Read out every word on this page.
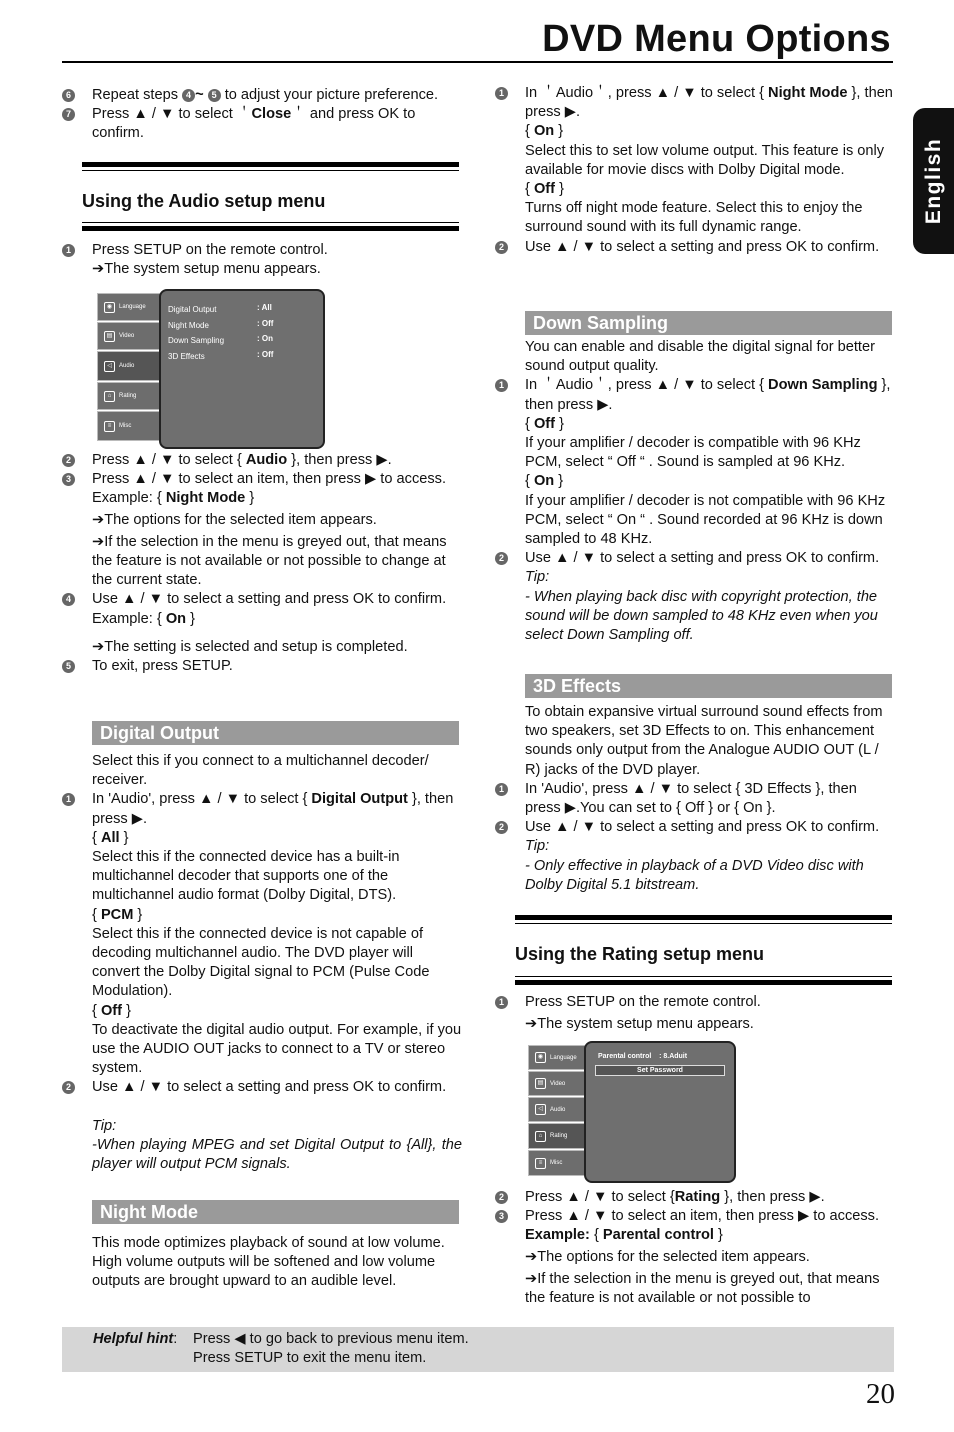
DVD Menu Options
English
6 Repeat steps 4 ~ 5 to adjust your picture preference.
7 Press ▲ / ▼ to select ＇Close＇ and press OK to confirm.
Using the Audio setup menu
1 Press SETUP on the remote control.
➔The system setup menu appears.
◉	Language
▤	Video
◁	Audio
⌂	Rating
≡	Misc
Digital Output
Night Mode
Down Sampling
3D Effects
: All
: Off
: On
: Off
2 Press ▲ / ▼ to select { Audio }, then press ▶.
3 Press ▲ / ▼ to select an item, then press ▶ to access.
Example: { Night Mode }
➔The options for the selected item appears.
➔If the selection in the menu is greyed out, that means the feature is not available or not possible to change at the current state.
4 Use ▲ / ▼ to select a setting and press OK to confirm.
Example: { On }
➔The setting is selected and setup is completed.
5 To exit, press SETUP.
Digital Output
Select this if you connect to a multichannel decoder/ receiver.
1 In 'Audio', press ▲ / ▼ to select { Digital Output }, then press ▶.
{ All }
Select this if the connected device has a built-in multichannel decoder that supports one of the multichannel audio format (Dolby Digital, DTS).
{ PCM }
Select this if the connected device is not capable of decoding multichannel audio. The DVD player will convert the Dolby Digital signal to PCM (Pulse Code Modulation).
{ Off }
To deactivate the digital audio output. For example, if you use the AUDIO OUT jacks to connect to a TV or stereo system.
2 Use ▲ / ▼ to select a setting and press OK to confirm.
Tip:
-When playing MPEG and set Digital Output to {All}, the player will output PCM signals.
Night Mode
This mode optimizes playback of sound at low volume. High volume outputs will be softened and low volume outputs are brought upward to an audible level.
1 In ＇Audio＇, press ▲ / ▼ to select { Night Mode }, then press ▶.
{ On }
Select this to set low volume output. This feature is only available for movie discs with Dolby Digital mode.
{ Off }
Turns off night mode feature. Select this to enjoy the surround sound with its full dynamic range.
2 Use ▲ / ▼ to select a setting and press OK to confirm.
Down Sampling
You can enable and disable the digital signal for better sound output quality.
1 In ＇Audio＇, press ▲ / ▼ to select { Down Sampling }, then press ▶.
{ Off }
If your amplifier / decoder is compatible with 96 KHz PCM, select “ Off “ . Sound is sampled at 96 KHz.
{ On }
If your amplifier / decoder is not compatible with 96 KHz PCM, select “ On “ . Sound recorded at 96 KHz is down sampled to 48 KHz.
2 Use ▲ / ▼ to select a setting and press OK to confirm.
Tip:
- When playing back disc with copyright protection, the sound will be down sampled to 48 KHz even when you select Down Sampling off.
3D Effects
To obtain expansive virtual surround sound effects from two speakers, set 3D Effects to on. This enhancement sounds only output from the Analogue AUDIO OUT (L / R) jacks of the DVD player.
1 In 'Audio', press ▲ / ▼ to select { 3D Effects }, then press ▶.You can set to { Off } or { On }.
2 Use ▲ / ▼ to select a setting and press OK to confirm.
Tip:
- Only effective in playback of a DVD Video disc with Dolby Digital 5.1 bitstream.
Using the Rating setup menu
1 Press SETUP on the remote control.
➔The system setup menu appears.
◉	Language
▤	Video
◁	Audio
⌂	Rating
≡	Misc
Parental control : 8.Aduit
Set Password
2 Press ▲ / ▼ to select {Rating }, then press ▶.
3 Press ▲ / ▼ to select an item, then press ▶ to access.
Example: { Parental control }
➔The options for the selected item appears.
➔If the selection in the menu is greyed out, that means the feature is not available or not possible to
Helpful hint: Press ◀ to go back to previous menu item.
Press SETUP to exit the menu item.
20
